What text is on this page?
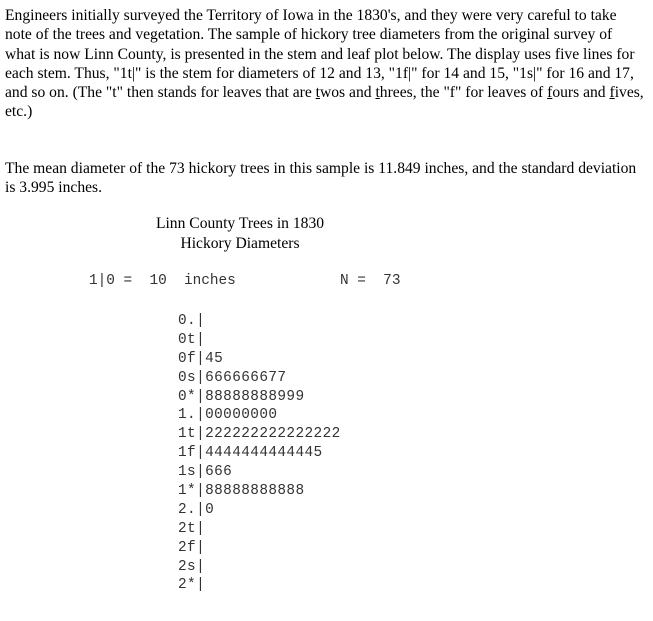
Engineers initially surveyed the Territory of Iowa in the 1830's, and they were very careful to take note of the trees and vegetation. The sample of hickory tree diameters from the original survey of what is now Linn County, is presented in the stem and leaf plot below. The display uses five lines for each stem. Thus, "1t|" is the stem for diameters of 12 and 13, "1f|" for 14 and 15, "1s|" for 16 and 17, and so on. (The "t" then stands for leaves that are twos and threes, the "f" for leaves of fours and fives, etc.)

The mean diameter of the 73 hickory trees in this sample is 11.849 inches, and the standard deviation is 3.995 inches.

Linn County Trees in 1830
Hickory Diameters
1|0 =  10  inches	N =  73
0.|
0t|
0f|45
0s|666666677
0*|88888888999
1.|00000000
1t|222222222222222
1f|4444444444445
1s|666
1*|88888888888
2.|0
2t|
2f|
2s|
2*|
